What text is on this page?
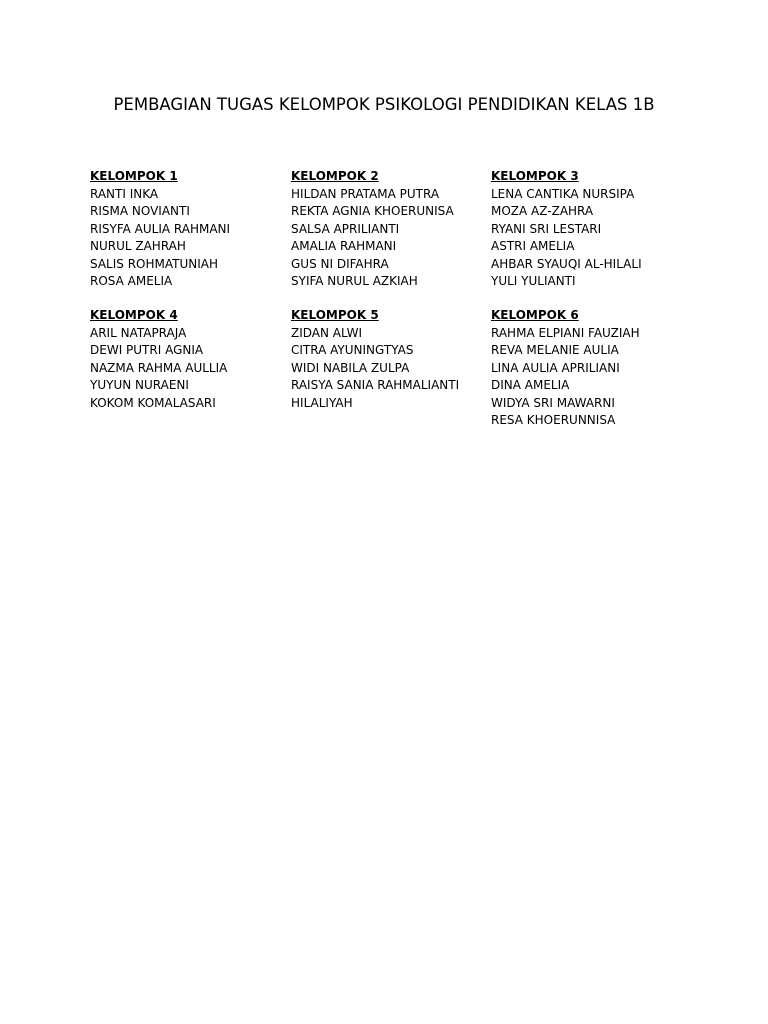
PEMBAGIAN TUGAS KELOMPOK PSIKOLOGI PENDIDIKAN KELAS 1B
KELOMPOK 1
RANTI INKA
RISMA NOVIANTI
RISYFA AULIA RAHMANI
NURUL ZAHRAH
SALIS ROHMATUNIAH
ROSA AMELIA
KELOMPOK 2
HILDAN PRATAMA PUTRA
REKTA AGNIA KHOERUNISA
SALSA APRILIANTI
AMALIA RAHMANI
GUS NI DIFAHRA
SYIFA NURUL AZKIAH
KELOMPOK 3
LENA CANTIKA NURSIPA
MOZA AZ-ZAHRA
RYANI SRI LESTARI
ASTRI AMELIA
AHBAR SYAUQI AL-HILALI
YULI YULIANTI
KELOMPOK 4
ARIL NATAPRAJA
DEWI PUTRI AGNIA
NAZMA RAHMA AULLIA
YUYUN NURAENI
KOKOM KOMALASARI
KELOMPOK 5
ZIDAN ALWI
CITRA AYUNINGTYAS
WIDI NABILA ZULPA
RAISYA SANIA RAHMALIANTI
HILALIYAH
KELOMPOK 6
RAHMA ELPIANI FAUZIAH
REVA MELANIE AULIA
LINA AULIA APRILIANI
DINA AMELIA
WIDYA SRI MAWARNI
RESA KHOERUNNISA
